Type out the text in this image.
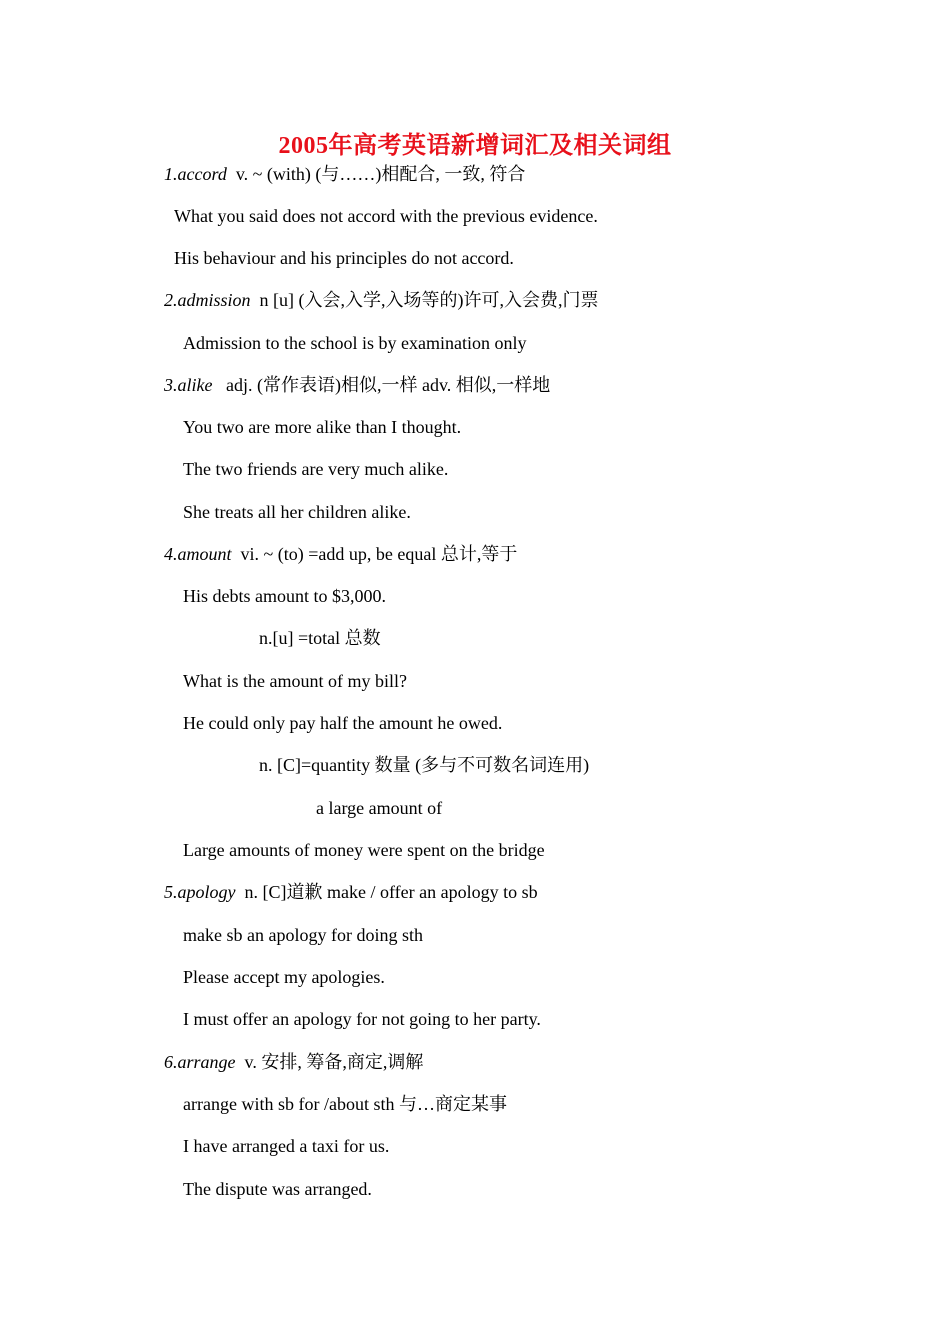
2005年高考英语新增词汇及相关词组
1.accord v. ~ (with) (与……)相配合, 一致, 符合
What you said does not accord with the previous evidence.
His behaviour and his principles do not accord.
2.admission n [u] (入会,入学,入场等的)许可,入会费,门票
Admission to the school is by examination only
3.alike adj. (常作表语)相似,一样 adv. 相似,一样地
You two are more alike than I thought.
The two friends are very much alike.
She treats all her children alike.
4.amount vi. ~ (to) =add up, be equal 总计,等于
His debts amount to $3,000.
n.[u] =total 总数
What is the amount of my bill?
He could only pay half the amount he owed.
n. [C]=quantity 数量 (多与不可数名词连用)
a large amount of
Large amounts of money were spent on the bridge
5.apology n. [C]道歉 make / offer an apology to sb
make sb an apology for doing sth
Please accept my apologies.
I must offer an apology for not going to her party.
6.arrange v. 安排, 筹备,商定,调解
arrange with sb for /about sth 与…商定某事
I have arranged a taxi for us.
The dispute was arranged.
